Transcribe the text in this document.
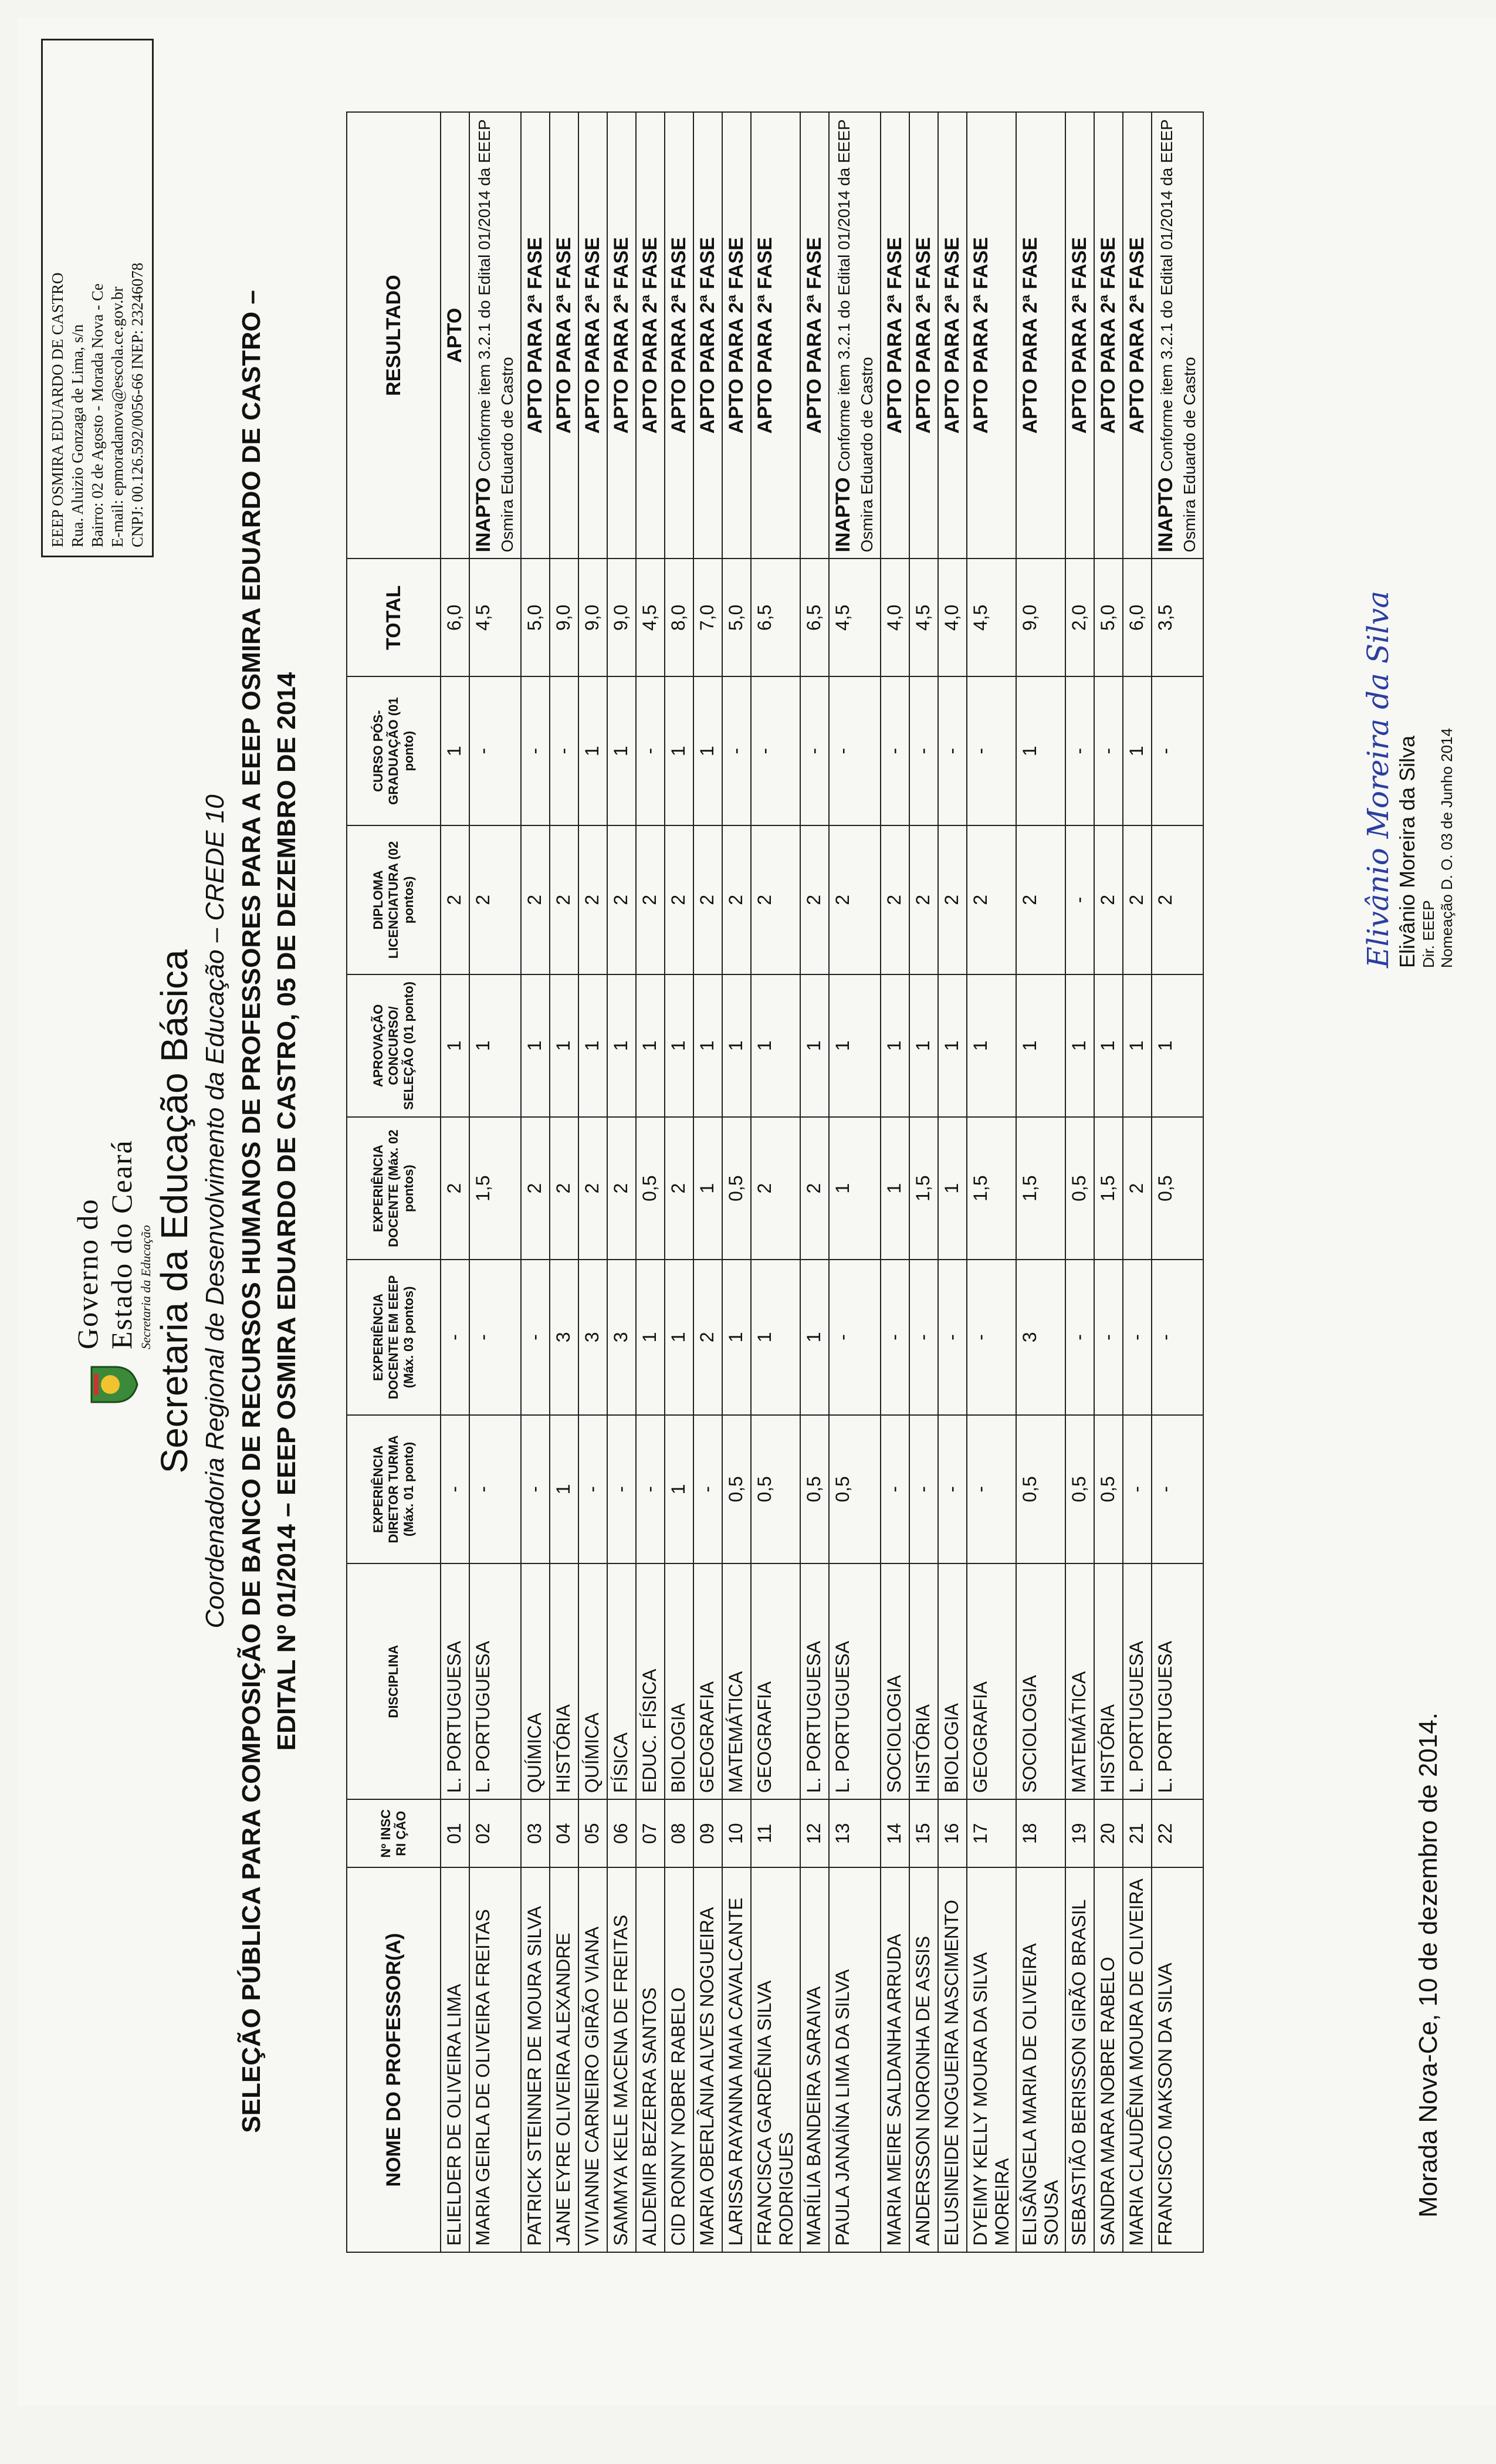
EEEP OSMIRA EDUARDO DE CASTRO Rua. Aluizio Gonzaga de Lima, s/n Bairro: 02 de Agosto - Morada Nova - Ce E-mail: epmoradanova@escola.ce.gov.br CNPJ: 00.126.592/0056-66 INEP: 23246078
Governo do Estado do Ceará Secretaria da Educação Secretaria da Educação Básica Coordenadoria Regional de Desenvolvimento da Educação – CREDE 10 SELEÇÃO PÚBLICA PARA COMPOSIÇÃO DE BANCO DE RECURSOS HUMANOS DE PROFESSORES PARA A EEEP OSMIRA EDUARDO DE CASTRO – EDITAL Nº 01/2014 – EEEP OSMIRA EDUARDO DE CASTRO, 05 DE DEZEMBRO DE 2014
NOME DO PROFESSOR(A)	Nº INSC RI ÇÃO	DISCIPLINA	EXPERIÊNCIA DIRETOR TURMA (Máx. 01 ponto)	EXPERIÊNCIA DOCENTE EM EEEP (Máx. 03 pontos)	EXPERIÊNCIA DOCENTE (Máx. 02 pontos)	APROVAÇÃO CONCURSO/ SELEÇÃO (01 ponto)	DIPLOMA LICENCIATURA (02 pontos)	CURSO PÓS-GRADUAÇÃO (01 ponto)	TOTAL	RESULTADO
ELIELDER DE OLIVEIRA LIMA	01	L. PORTUGUESA	-	-	2	1	2	1	6,0	APTO
MARIA GEIRLA DE OLIVEIRA FREITAS	02	L. PORTUGUESA	-	-	1,5	1	2	-	4,5	INAPTO Conforme item 3.2.1 do Edital 01/2014 da EEEP Osmira Eduardo de Castro
PATRICK STEINNER DE MOURA SILVA	03	QUÍMICA	-	-	2	1	2	-	5,0	APTO PARA 2ª FASE
JANE EYRE OLIVEIRA ALEXANDRE	04	HISTÓRIA	1	3	2	1	2	-	9,0	APTO PARA 2ª FASE
VIVIANNE CARNEIRO GIRÃO VIANA	05	QUÍMICA	-	3	2	1	2	1	9,0	APTO PARA 2ª FASE
SAMMYA KELE MACENA DE FREITAS	06	FÍSICA	-	3	2	1	2	1	9,0	APTO PARA 2ª FASE
ALDEMIR BEZERRA SANTOS	07	EDUC. FÍSICA	-	1	0,5	1	2	-	4,5	APTO PARA 2ª FASE
CID RONNY NOBRE RABELO	08	BIOLOGIA	1	1	2	1	2	1	8,0	APTO PARA 2ª FASE
MARIA OBERLÂNIA ALVES NOGUEIRA	09	GEOGRAFIA	-	2	1	1	2	1	7,0	APTO PARA 2ª FASE
LARISSA RAYANNA MAIA CAVALCANTE	10	MATEMÁTICA	0,5	1	0,5	1	2	-	5,0	APTO PARA 2ª FASE
FRANCISCA GARDÊNIA SILVA RODRIGUES	11	GEOGRAFIA	0,5	1	2	1	2	-	6,5	APTO PARA 2ª FASE
MARÍLIA BANDEIRA SARAIVA	12	L. PORTUGUESA	0,5	1	2	1	2	-	6,5	APTO PARA 2ª FASE
PAULA JANAÍNA LIMA DA SILVA	13	L. PORTUGUESA	0,5	-	1	1	2	-	4,5	INAPTO Conforme item 3.2.1 do Edital 01/2014 da EEEP Osmira Eduardo de Castro
MARIA MEIRE SALDANHA ARRUDA	14	SOCIOLOGIA	-	-	1	1	2	-	4,0	APTO PARA 2ª FASE
ANDERSSON NORONHA DE ASSIS	15	HISTÓRIA	-	-	1,5	1	2	-	4,5	APTO PARA 2ª FASE
ELUSINEIDE NOGUEIRA NASCIMENTO	16	BIOLOGIA	-	-	1	1	2	-	4,0	APTO PARA 2ª FASE
DYEIMY KELLY MOURA DA SILVA MOREIRA	17	GEOGRAFIA	-	-	1,5	1	2	-	4,5	APTO PARA 2ª FASE
ELISÂNGELA MARIA DE OLIVEIRA SOUSA	18	SOCIOLOGIA	0,5	3	1,5	1	2	1	9,0	APTO PARA 2ª FASE
SEBASTIÃO BERISSON GIRÃO BRASIL	19	MATEMÁTICA	0,5	-	0,5	1	-	-	2,0	APTO PARA 2ª FASE
SANDRA MARA NOBRE RABELO	20	HISTÓRIA	0,5	-	1,5	1	2	-	5,0	APTO PARA 2ª FASE
MARIA CLAUDÊNIA MOURA DE OLIVEIRA	21	L. PORTUGUESA	-	-	2	1	2	1	6,0	APTO PARA 2ª FASE
FRANCISCO MAKSON DA SILVA	22	L. PORTUGUESA	-	-	0,5	1	2	-	3,5	INAPTO Conforme item 3.2.1 do Edital 01/2014 da EEEP Osmira Eduardo de Castro
Morada Nova-Ce, 10 de dezembro de 2014.
Elivânio Moreira da Silva Elivânio Moreira da Silva Dir. EEEP Nomeação D. O. 03 de Junho 2014
